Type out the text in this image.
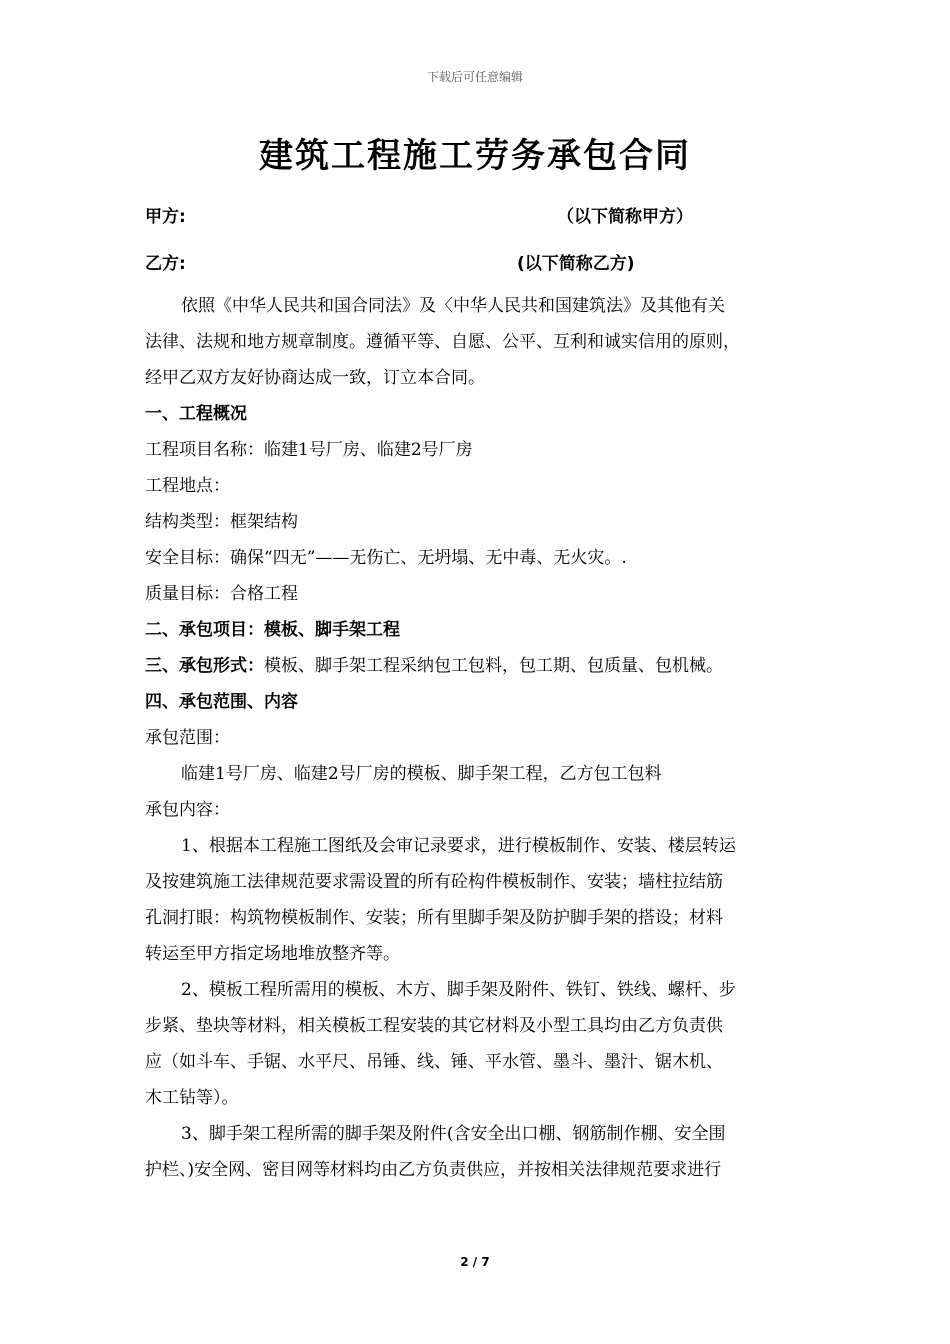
下载后可任意编辑
建筑工程施工劳务承包合同
甲方:	（以下简称甲方）
乙方:	(以下简称乙方)
依照《中华人民共和国合同法》及〈中华人民共和国建筑法》及其他有关
法律、法规和地方规章制度。遵循平等、自愿、公平、互利和诚实信用的原则，
经甲乙双方友好协商达成一致，订立本合同。
一、工程概况
工程项目名称：临建1号厂房、临建2号厂房
工程地点：
结构类型：框架结构
安全目标：确保“四无”——无伤亡、无坍塌、无中毒、无火灾。.
质量目标：合格工程
二、承包项目：模板、脚手架工程
三、承包形式：模板、脚手架工程采纳包工包料，包工期、包质量、包机械。
四、承包范围、内容
承包范围：
临建1号厂房、临建2号厂房的模板、脚手架工程，乙方包工包料
承包内容：
1、根据本工程施工图纸及会审记录要求，进行模板制作、安装、楼层转运
及按建筑施工法律规范要求需设置的所有砼构件模板制作、安装；墙柱拉结筋
孔洞打眼：构筑物模板制作、安装；所有里脚手架及防护脚手架的搭设；材料
转运至甲方指定场地堆放整齐等。
2、模板工程所需用的模板、木方、脚手架及附件、铁钉、铁线、螺杆、步
步紧、垫块等材料，相关模板工程安装的其它材料及小型工具均由乙方负责供
应（如斗车、手锯、水平尺、吊锤、线、锤、平水管、墨斗、墨汁、锯木机、
木工钻等）。
3、脚手架工程所需的脚手架及附件(含安全出口棚、钢筋制作棚、安全围
护栏、)安全网、密目网等材料均由乙方负责供应，并按相关法律规范要求进行
2 / 7
